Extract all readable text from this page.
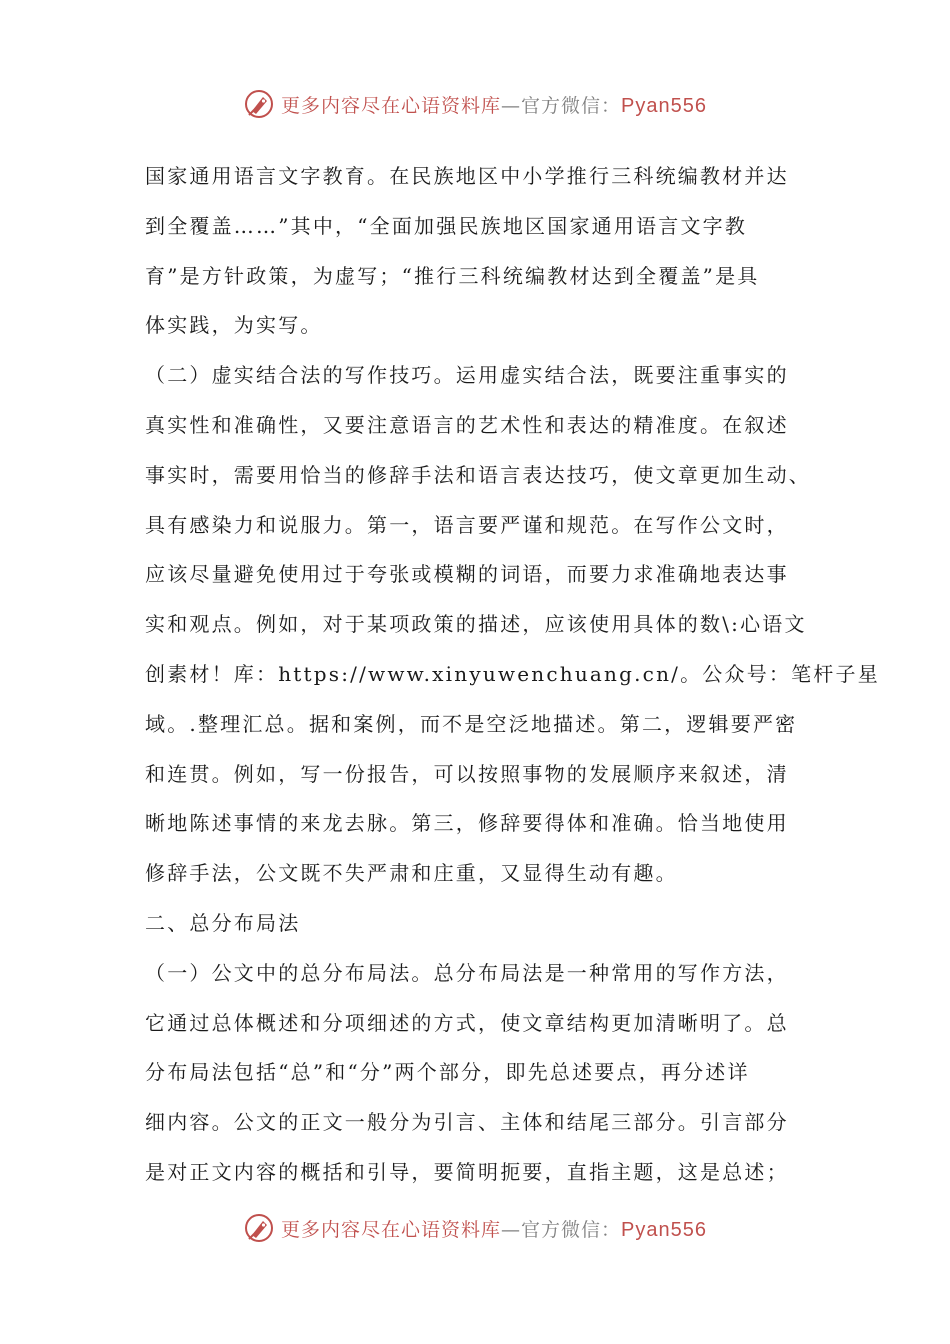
更多内容尽在心语资料库—官方微信：Pyan556
国家通用语言文字教育。在民族地区中小学推行三科统编教材并达
到全覆盖……”其中，“全面加强民族地区国家通用语言文字教
育”是方针政策，为虚写；“推行三科统编教材达到全覆盖”是具
体实践，为实写。
（二）虚实结合法的写作技巧。运用虚实结合法，既要注重事实的
真实性和准确性，又要注意语言的艺术性和表达的精准度。在叙述
事实时，需要用恰当的修辞手法和语言表达技巧，使文章更加生动、
具有感染力和说服力。第一，语言要严谨和规范。在写作公文时，
应该尽量避免使用过于夸张或模糊的词语，而要力求准确地表达事
实和观点。例如，对于某项政策的描述，应该使用具体的数\:心语文
创素材！库：https://www.xinyuwenchuang.cn/。公众号：笔杆子星
域。.整理汇总。据和案例，而不是空泛地描述。第二，逻辑要严密
和连贯。例如，写一份报告，可以按照事物的发展顺序来叙述，清
晰地陈述事情的来龙去脉。第三，修辞要得体和准确。恰当地使用
修辞手法，公文既不失严肃和庄重，又显得生动有趣。
二、总分布局法
（一）公文中的总分布局法。总分布局法是一种常用的写作方法，
它通过总体概述和分项细述的方式，使文章结构更加清晰明了。总
分布局法包括“总”和“分”两个部分，即先总述要点，再分述详
细内容。公文的正文一般分为引言、主体和结尾三部分。引言部分
是对正文内容的概括和引导，要简明扼要，直指主题，这是总述；
更多内容尽在心语资料库—官方微信：Pyan556
